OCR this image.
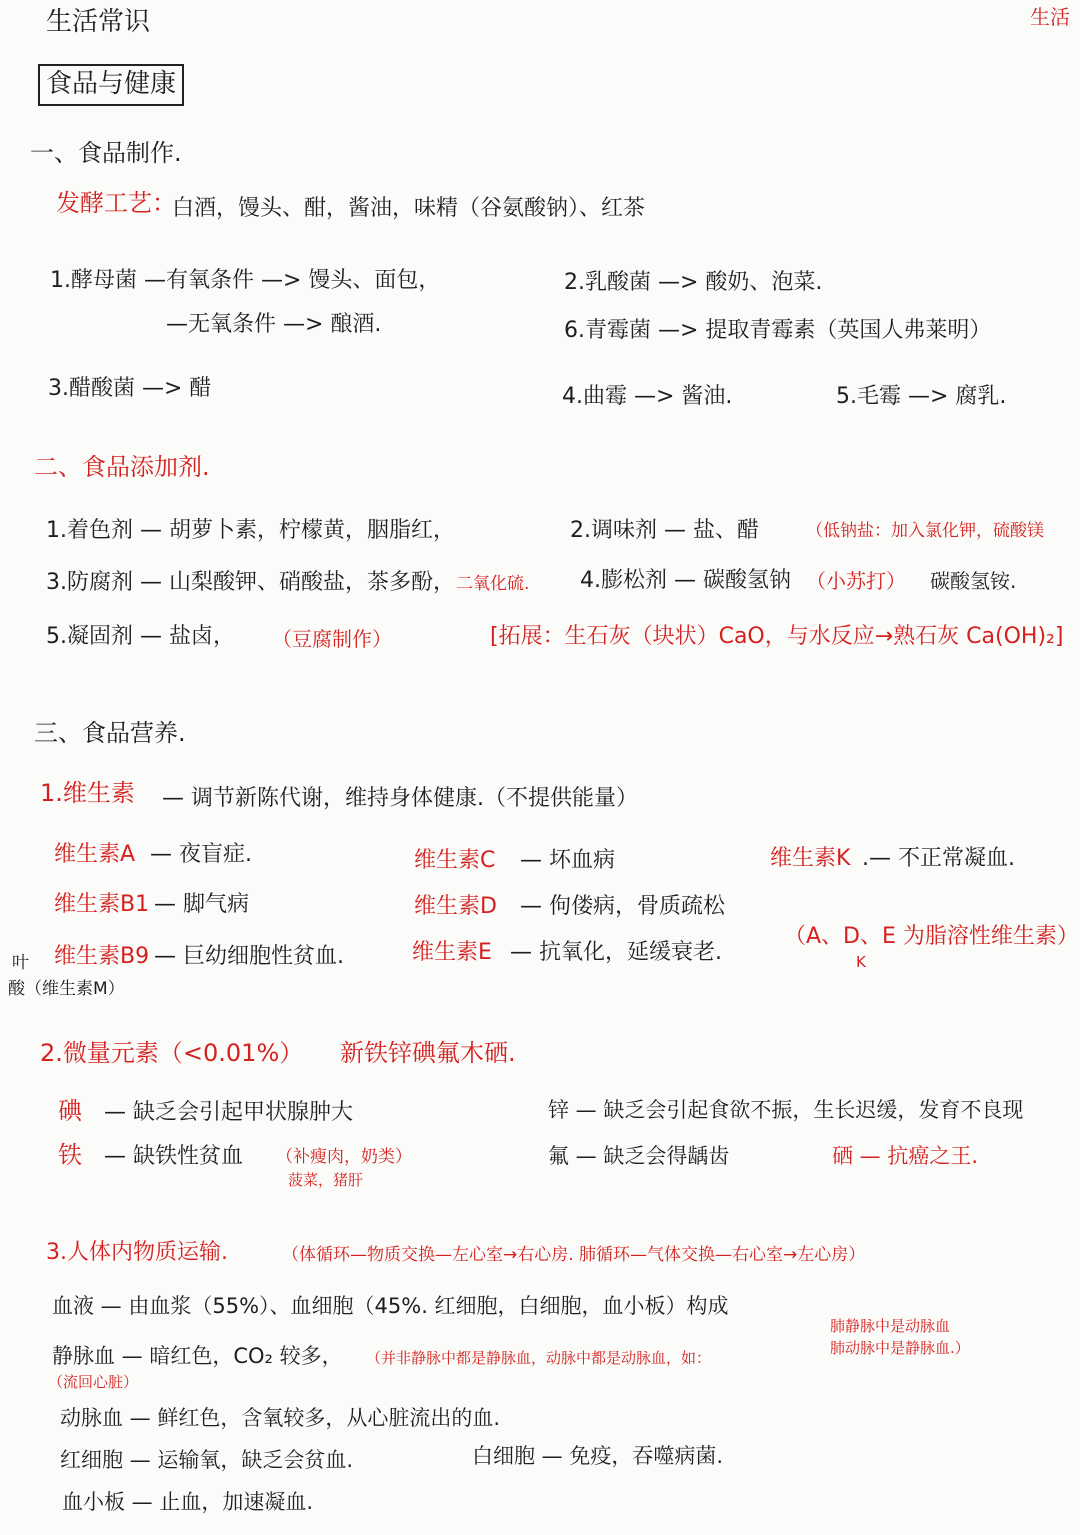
生活常识	生活
食品与健康
一、食品制作.
发酵工艺：
白酒，馒头、酣，酱油，味精（谷氨酸钠）、红茶
1.酵母菌 —有氧条件 —> 馒头、面包，
—无氧条件 —> 酿酒.
2.乳酸菌 —> 酸奶、泡菜.
6.青霉菌 —> 提取青霉素（英国人弗莱明）
3.醋酸菌 —> 醋	4.曲霉 —> 酱油.	5.毛霉 —> 腐乳.
二、食品添加剂.
1.着色剂 — 胡萝卜素，柠檬黄，胭脂红，	2.调味剂 — 盐、醋	（低钠盐：加入氯化钾，硫酸镁
3.防腐剂 — 山梨酸钾、硝酸盐，茶多酚， 二氧化硫. 4.膨松剂 — 碳酸氢钠 （小苏打） 碳酸氢铵.
5.凝固剂 — 盐卤， （豆腐制作）	[拓展：生石灰（块状）CaO，与水反应→熟石灰 Ca(OH)₂]
三、食品营养.
1.维生素 — 调节新陈代谢，维持身体健康.（不提供能量）
维生素A — 夜盲症.
维生素B1 — 脚气病
维生素B9 — 巨幼细胞性贫血.
叶
酸（维生素M）
维生素C — 坏血病
维生素D — 佝偻病，骨质疏松
维生素E — 抗氧化，延缓衰老.
维生素K .— 不正常凝血.
（A、D、E 为脂溶性维生素）
K
2.微量元素（<0.01%） 新铁锌碘氟木硒.
碘 — 缺乏会引起甲状腺肿大
铁 — 缺铁性贫血 （补瘦肉，奶类）
菠菜，猪肝
锌 — 缺乏会引起食欲不振，生长迟缓，发育不良现
氟 — 缺乏会得龋齿	硒 — 抗癌之王.
3.人体内物质运输.	（体循环—物质交换—左心室→右心房. 肺循环—气体交换—右心室→左心房）
血液 — 由血浆（55%）、血细胞（45%. 红细胞，白细胞，血小板）构成
静脉血 — 暗红色，CO₂ 较多， （并非静脉中都是静脉血，动脉中都是动脉血，如：
肺静脉中是动脉血
肺动脉中是静脉血.）
（流回心脏）
动脉血 — 鲜红色，含氧较多，从心脏流出的血.
红细胞 — 运输氧，缺乏会贫血.	白细胞 — 免疫，吞噬病菌.
血小板 — 止血，加速凝血.
